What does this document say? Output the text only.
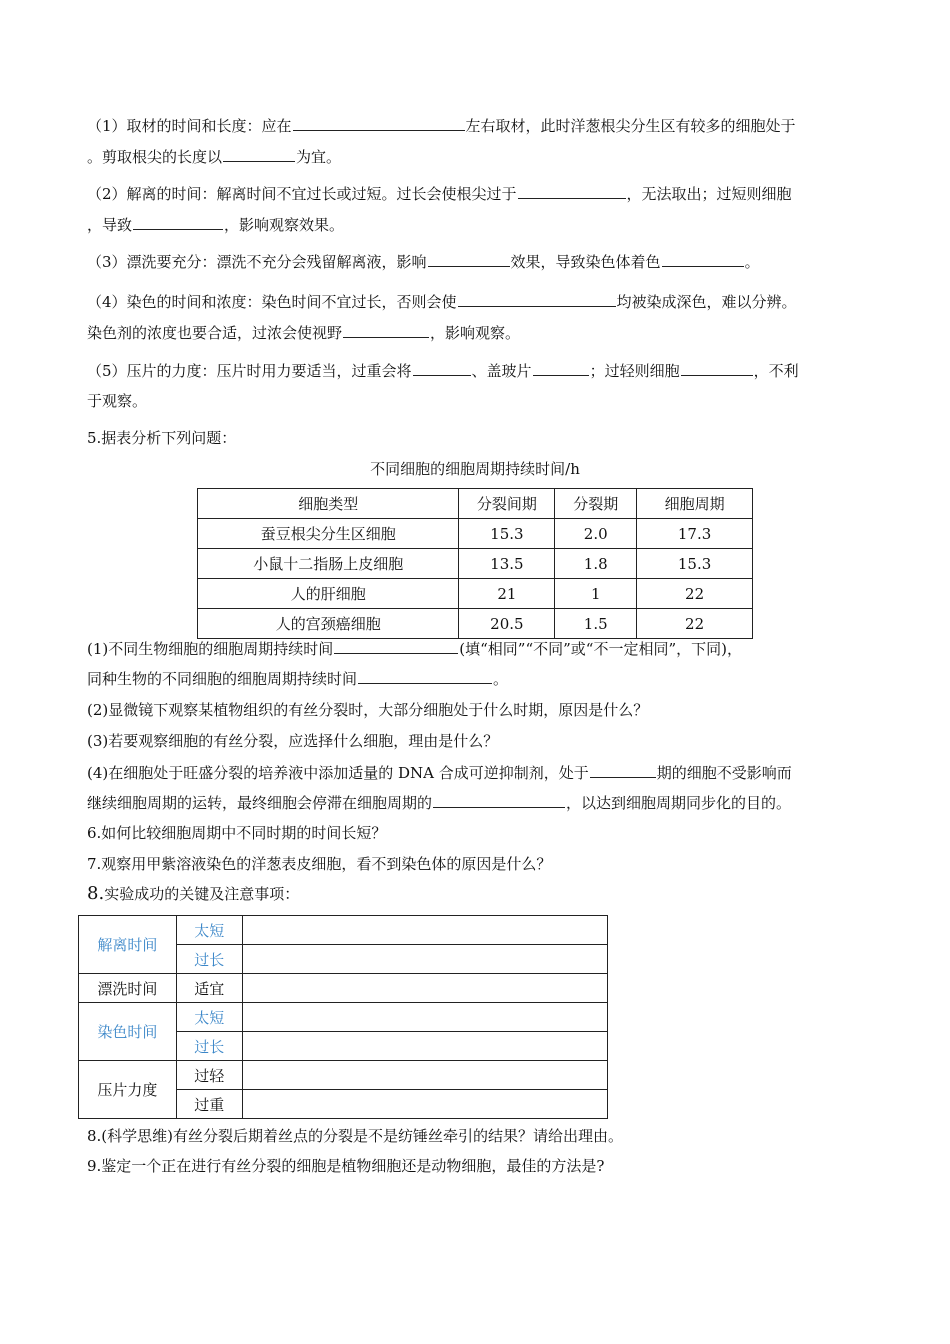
（1）取材的时间和长度：应在	左右取材，此时洋葱根尖分生区有较多的细胞处于
。剪取根尖的长度以	为宜。
（2）解离的时间：解离时间不宜过长或过短。过长会使根尖过于	，无法取出；过短则细胞
，导致	，影响观察效果。
（3）漂洗要充分：漂洗不充分会残留解离液，影响	效果，导致染色体着色	。
（4）染色的时间和浓度：染色时间不宜过长，否则会使	均被染成深色，难以分辨。
染色剂的浓度也要合适，过浓会使视野	，影响观察。
（5）压片的力度：压片时用力要适当，过重会将	、盖玻片	；过轻则细胞	，不利
于观察。
5.据表分析下列问题：
不同细胞的细胞周期持续时间/h
细胞类型	分裂间期	分裂期	细胞周期
蚕豆根尖分生区细胞	15.3	2.0	17.3
小鼠十二指肠上皮细胞	13.5	1.8	15.3
人的肝细胞	21	1	22
人的宫颈癌细胞	20.5	1.5	22
(1)不同生物细胞的细胞周期持续时间	(填“相同”“不同”或“不一定相同”，下同)，
同种生物的不同细胞的细胞周期持续时间	。
(2)显微镜下观察某植物组织的有丝分裂时，大部分细胞处于什么时期，原因是什么？
(3)若要观察细胞的有丝分裂，应选择什么细胞，理由是什么？
(4)在细胞处于旺盛分裂的培养液中添加适量的 DNA 合成可逆抑制剂，处于	期的细胞不受影响而
继续细胞周期的运转，最终细胞会停滞在细胞周期的	，以达到细胞周期同步化的目的。
6.如何比较细胞周期中不同时期的时间长短？
7.观察用甲紫溶液染色的洋葱表皮细胞，看不到染色体的原因是什么？
8.实验成功的关键及注意事项：
解离时间	太短	
	过长	
漂洗时间	适宜	
染色时间	太短	
	过长	
压片力度	过轻	
	过重	
8.(科学思维)有丝分裂后期着丝点的分裂是不是纺锤丝牵引的结果？请给出理由。
9.鉴定一个正在进行有丝分裂的细胞是植物细胞还是动物细胞，最佳的方法是?
